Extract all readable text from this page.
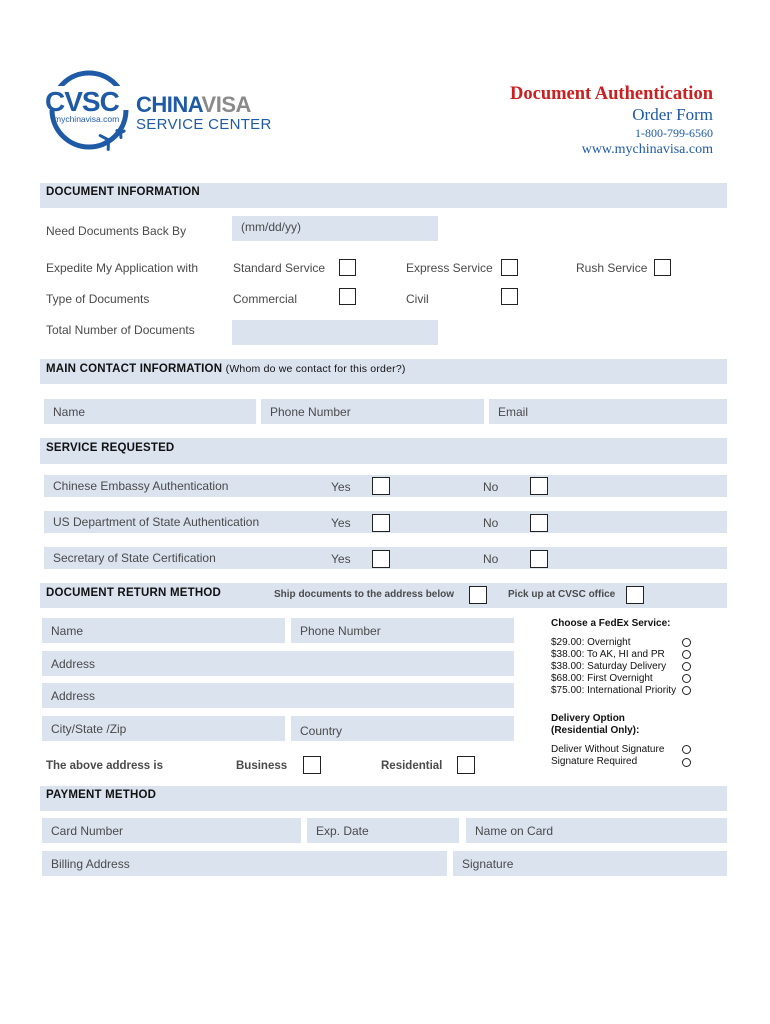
CVSC
mychinavisa.com
CHINAVISA
SERVICE CENTER
Document Authentication
Order Form
1-800-799-6560
www.mychinavisa.com
DOCUMENT INFORMATION
Need Documents Back By	(mm/dd/yy)
Expedite My Application with	Standard Service	Express Service	Rush Service
Type of Documents	Commercial	Civil
Total Number of Documents
MAIN CONTACT INFORMATION (Whom do we contact for this order?)
Name	Phone Number	Email
SERVICE REQUESTED
Chinese Embassy Authentication	Yes	No
US Department of State Authentication	Yes	No
Secretary of State Certification	Yes	No
DOCUMENT RETURN METHOD	Ship documents to the address below	Pick up at CVSC office
Name	Phone Number
Address
Address
City/State /Zip	Country
The above address is	Business	Residential
Choose a FedEx Service:
$29.00: Overnight
$38.00: To AK, HI and PR
$38.00: Saturday Delivery
$68.00: First Overnight
$75.00: International Priority
Delivery Option
(Residential Only):
Deliver Without Signature
Signature Required
PAYMENT METHOD
Card Number	Exp. Date	Name on Card
Billing Address	Signature
